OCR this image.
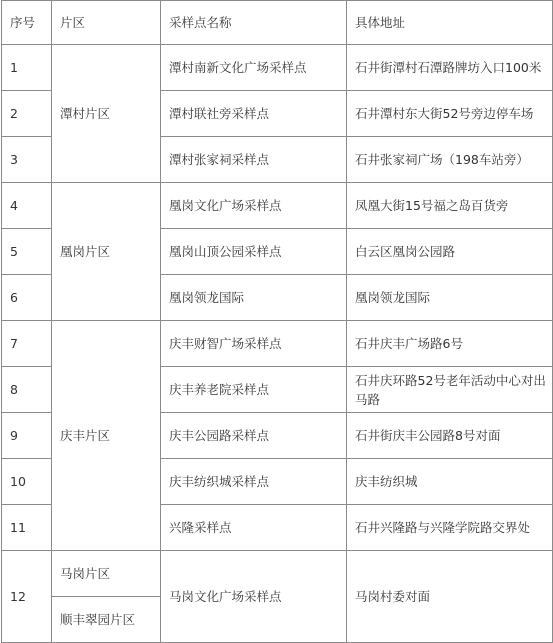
序号	片区	采样点名称	具体地址
1	潭村片区	潭村南新文化广场采样点	石井街潭村石潭路牌坊入口100米
2		潭村联社旁采样点	石井潭村东大街52号旁边停车场
3		潭村张家祠采样点	石井张家祠广场（198车站旁）
4	凰岗片区	凰岗文化广场采样点	凤凰大街15号福之岛百货旁
5		凰岗山顶公园采样点	白云区凰岗公园路
6		凰岗领龙国际	凰岗领龙国际
7	庆丰片区	庆丰财智广场采样点	石井庆丰广场路6号
8		庆丰养老院采样点	石井庆环路52号老年活动中心对出马路
9		庆丰公园路采样点	石井街庆丰公园路8号对面
10		庆丰纺织城采样点	庆丰纺织城
11		兴隆采样点	石井兴隆路与兴隆学院路交界处
12	马岗片区	马岗文化广场采样点	马岗村委对面
	顺丰翠园片区		
